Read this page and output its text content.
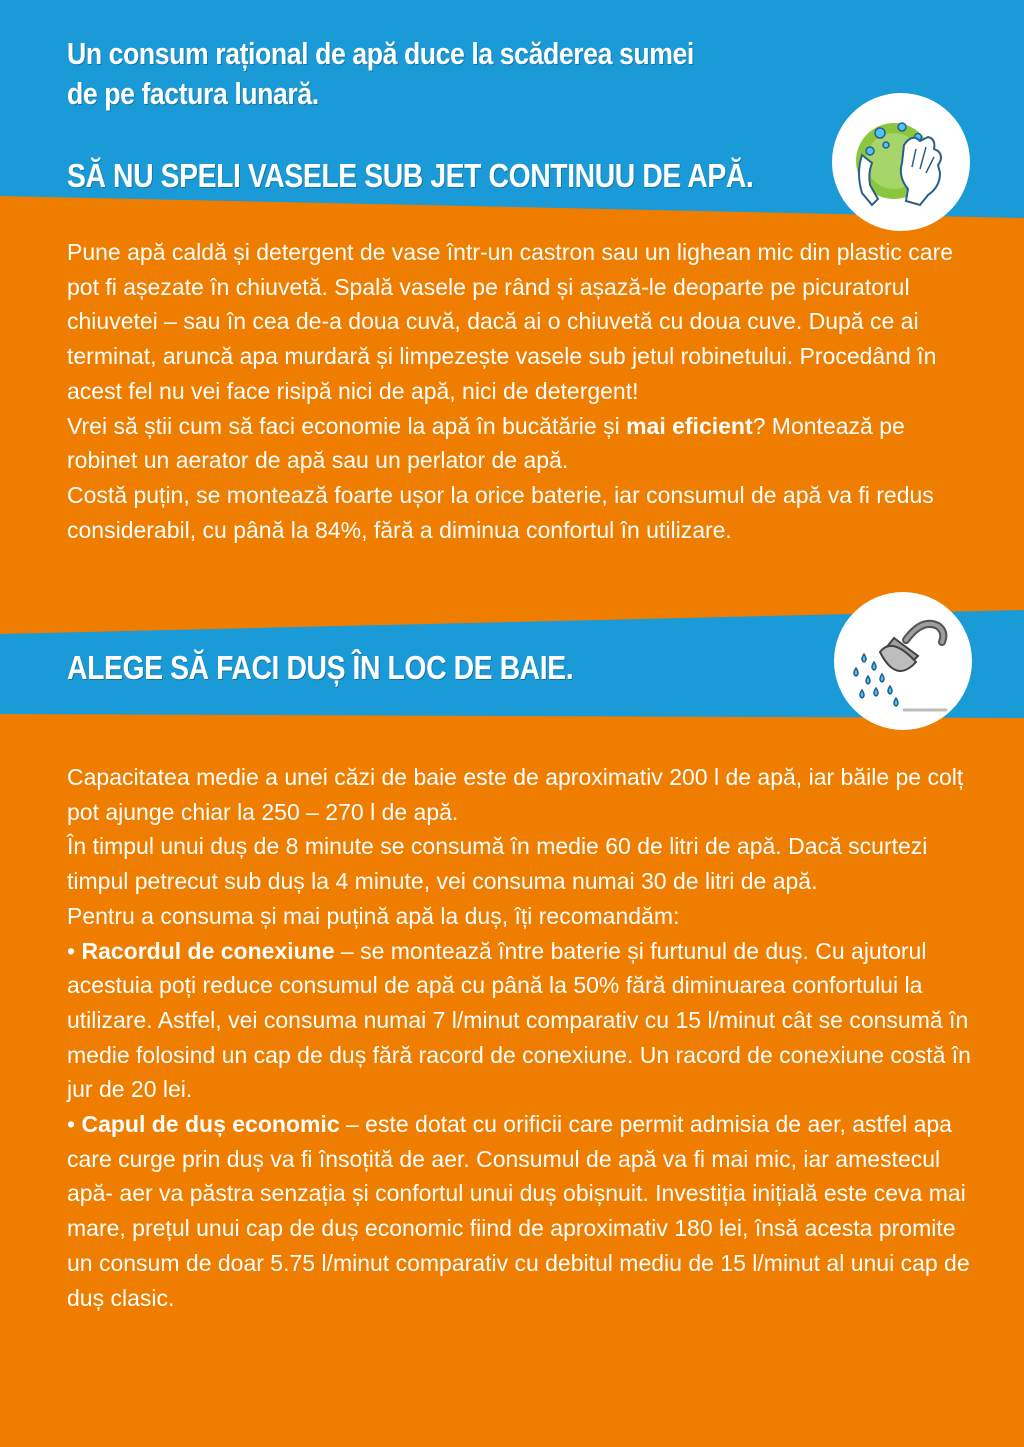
Un consum rațional de apă duce la scăderea sumei de pe factura lunară.
SĂ NU SPELI VASELE SUB JET CONTINUU DE APĂ.

Pune apă caldă și detergent de vase într-un castron sau un lighean mic din plastic care pot fi așezate în chiuvetă. Spală vasele pe rând și așază-le deoparte pe picuratorul chiuvetei – sau în cea de-a doua cuvă, dacă ai o chiuvetă cu doua cuve. După ce ai terminat, aruncă apa murdară și limpezește vasele sub jetul robinetului. Procedând în acest fel nu vei face risipă nici de apă, nici de detergent!

Vrei să știi cum să faci economie la apă în bucătărie și mai eficient? Montează pe robinet un aerator de apă sau un perlator de apă.

Costă puțin, se montează foarte ușor la orice baterie, iar consumul de apă va fi redus considerabil, cu până la 84%, fără a diminua confortul în utilizare.

ALEGE SĂ FACI DUȘ ÎN LOC DE BAIE.

Capacitatea medie a unei căzi de baie este de aproximativ 200 l de apă, iar băile pe colț pot ajunge chiar la 250 – 270 l de apă.

În timpul unui duș de 8 minute se consumă în medie 60 de litri de apă. Dacă scurtezi timpul petrecut sub duș la 4 minute, vei consuma numai 30 de litri de apă.

Pentru a consuma și mai puțină apă la duș, îți recomandăm:

• Racordul de conexiune – se montează între baterie și furtunul de duș. Cu ajutorul acestuia poți reduce consumul de apă cu până la 50% fără diminuarea confortului la utilizare. Astfel, vei consuma numai 7 l/minut comparativ cu 15 l/minut cât se consumă în medie folosind un cap de duș fără racord de conexiune. Un racord de conexiune costă în jur de 20 lei.

• Capul de duș economic – este dotat cu orificii care permit admisia de aer, astfel apa care curge prin duș va fi însoțită de aer. Consumul de apă va fi mai mic, iar amestecul apă- aer va păstra senzația și confortul unui duș obișnuit. Investiția inițială este ceva mai mare, prețul unui cap de duș economic fiind de aproximativ 180 lei, însă acesta promite un consum de doar 5.75 l/minut comparativ cu debitul mediu de 15 l/minut al unui cap de duș clasic.
